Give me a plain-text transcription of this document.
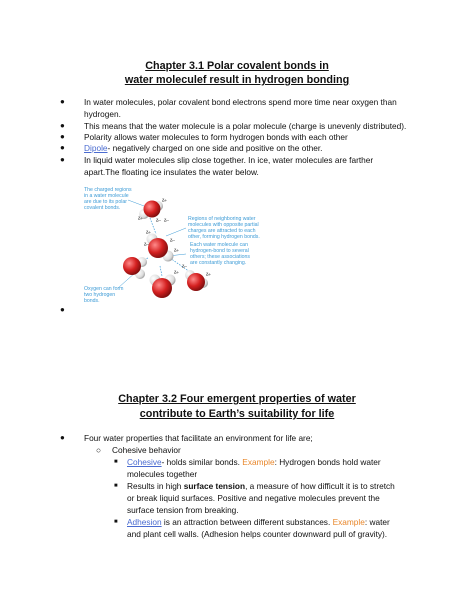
Chapter 3.1 Polar covalent bonds in
water moleculef result in hydrogen bonding
● In water molecules, polar covalent bond electrons spend more time near oxygen than
hydrogen.
● This means that the water molecule is a polar molecule (charge is unevenly distributed).
● Polarity allows water molecules to form hydrogen bonds with each other
● Dipole- negatively charged on one side and positive on the other.
● In liquid water molecules slip close together. In ice, water molecules are farther
apart.The floating ice insulates the water below.
The charged regions
in a water molecule
are due to its polar
covalent bonds.
Regions of neighboring water
molecules with opposite partial
charges are attracted to each
other, forming hydrogen bonds.
Each water molecule can
hydrogen-bond to several
others; these associations
are constantly changing.
Oxygen can form
two hydrogen
bonds.
δ+
δ+	δ− δ−
δ+
δ+
δ−
δ−
δ+
δ−
δ+
●
Chapter 3.2 Four emergent properties of water
contribute to Earth’s suitability for life
● Four water properties that facilitate an environment for life are;
○ Cohesive behavior
■ Cohesive- holds similar bonds. Example: Hydrogen bonds hold water
molecules together
■ Results in high surface tension, a measure of how difficult it is to stretch
or break liquid surfaces. Positive and negative molecules prevent the
surface tension from breaking.
■ Adhesion is an attraction between different substances. Example: water
and plant cell walls. (Adhesion helps counter downward pull of gravity).
